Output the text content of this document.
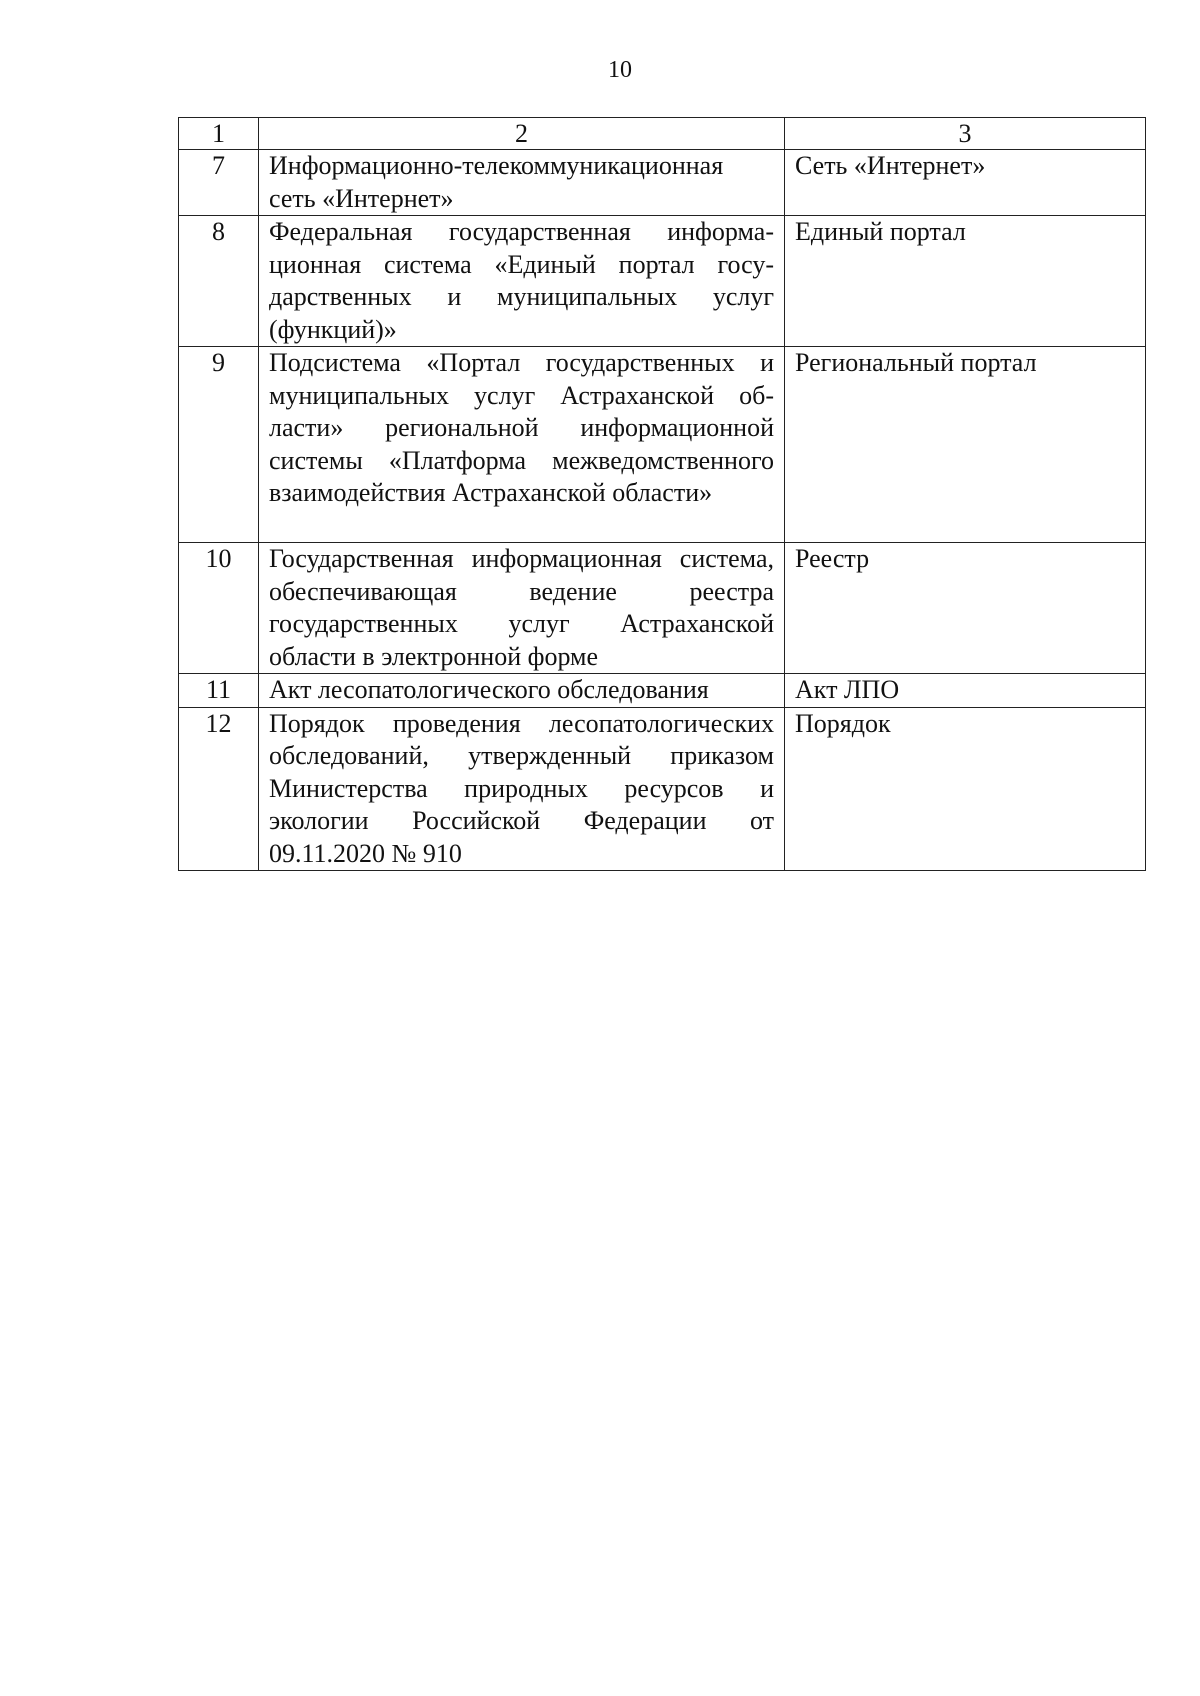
10
1	2	3
7	Информационно-телекоммуникационная сеть «Интернет»	Сеть «Интернет»
8	Федеральная государственная информационная система «Единый портал государственных и муниципальных услуг (функций)»	Единый портал
9	Подсистема «Портал государственных и муниципальных услуг Астраханской области» региональной информационной системы «Платформа межведомственного взаимодействия Астраханской области»	Региональный портал
10	Государственная информационная система, обеспечивающая ведение реестра государственных услуг Астраханской области в электронной форме	Реестр
11	Акт лесопатологического обследования	Акт ЛПО
12	Порядок проведения лесопатологических обследований, утвержденный приказом Министерства природных ресурсов и экологии Российской Федерации от 09.11.2020 № 910	Порядок
